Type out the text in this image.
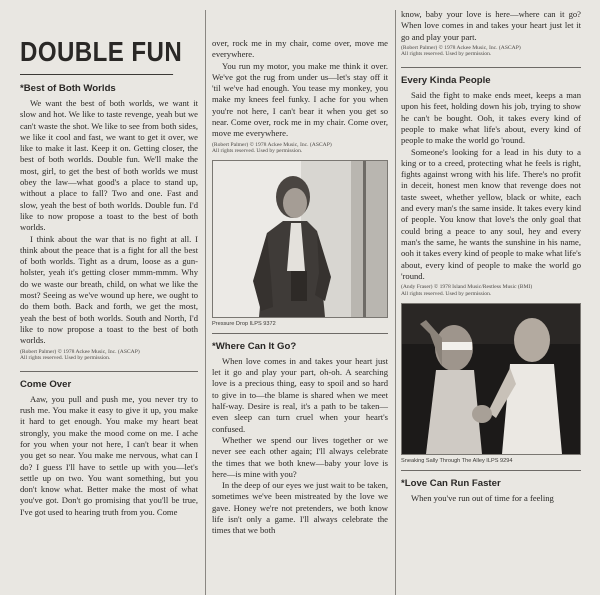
DOUBLE FUN
*Best of Both Worlds

We want the best of both worlds, we want it slow and hot. We like to taste revenge, yeah but we can't waste the shot. We like to see from both sides, we like it cool and fast, we want to get it over, we like to make it last. Keep it on. Getting closer, the best of both worlds. Double fun. We'll make the most, girl, to get the best of both worlds we must obey the law—what good's a place to stand up, without a place to fall? Two and one. Fast and slow, yeah the best of both worlds. Double fun. I'd like to now propose a toast to the best of both worlds.

I think about the war that is no fight at all. I think about the peace that is a fight for all the best of both worlds. Tight as a drum, loose as a gun-holster, yeah it's getting closer mmm-mmm. Why do we waste our breath, child, on what we like the most? Seeing as we've wound up here, we ought to do them both. Back and forth, we get the most, yeah the best of both worlds. South and North, I'd like to now propose a toast to the best of both worlds.

(Robert Palmer) © 1978 Ackee Music, Inc. (ASCAP)

All rights reserved. Used by permission.

Come Over

Aaw, you pull and push me, you never try to rush me. You make it easy to give it up, you make it hard to get enough. You make my heart beat strongly, you make the mood come on me. I ache for you when your not here, I can't bear it when you get so near. You make me nervous, what can I do? I guess I'll have to settle up with you—let's settle up on two. You want something, but you don't know what. Better make the most of what you've got. Don't go promising that you'll be true, I've got used to hearing truth from you. Come

over, rock me in my chair, come over, move me everywhere.

You run my motor, you make me think it over. We've got the rug from under us—let's stay off it 'til we've had enough. You tease my monkey, you make my knees feel funky. I ache for you when you're not here, I can't bear it when you get so near. Come over, rock me in my chair. Come over, move me everywhere.

(Robert Palmer) © 1978 Ackee Music, Inc. (ASCAP)

All rights reserved. Used by permission.

Pressure Drop ILPS 9372

*Where Can It Go?

When love comes in and takes your heart just let it go and play your part, oh-oh. A searching love is a precious thing, easy to spoil and so hard to give in to—the blame is shared when we meet half-way. Desire is real, it's a path to be taken—even sleep can turn cruel when your heart's confused.

Whether we spend our lives together or we never see each other again; I'll always celebrate the times that we both knew—baby your love is here—is mine with you?

In the deep of our eyes we just wait to be taken, sometimes we've been mistreated by the love we gave. Honey we're not pretenders, we both know life isn't only a game. I'll always celebrate the times that we both

know, baby your love is here—where can it go? When love comes in and takes your heart just let it go and play your part.

(Robert Palmer) © 1978 Ackee Music, Inc. (ASCAP)

All rights reserved. Used by permission.

Every Kinda People

Said the fight to make ends meet, keeps a man upon his feet, holding down his job, trying to show he can't be bought. Ooh, it takes every kind of people to make what life's about, every kind of people to make the world go 'round.

Someone's looking for a lead in his duty to a king or to a creed, protecting what he feels is right, fights against wrong with his life. There's no profit in deceit, honest men know that revenge does not taste sweet, whether yellow, black or white, each and every man's the same inside. It takes every kind of people. You know that love's the only goal that could bring a peace to any soul, hey and every man's the same, he wants the sunshine in his name, ooh it takes every kind of people to make what life's about, every kind of people to make the world go 'round.

(Andy Fraser) © 1978 Island Music/Restless Music (BMI)

All rights reserved. Used by permission.

Sneaking Sally Through The Alley ILPS 9294

*Love Can Run Faster

When you've run out of time for a feeling
